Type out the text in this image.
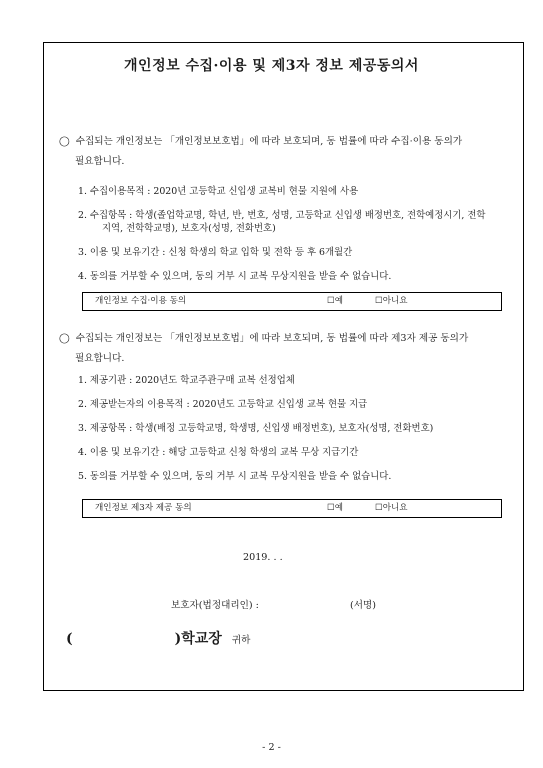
개인정보 수집·이용 및 제3자 정보 제공동의서
◯ 수집되는 개인정보는 「개인정보보호법」에 따라 보호되며, 동 법률에 따라 수집·이용 동의가
필요합니다.
1. 수집이용목적 : 2020년 고등학교 신입생 교복비 현물 지원에 사용
2. 수집항목 : 학생(졸업학교명, 학년, 반, 번호, 성명, 고등학교 신입생 배정번호, 전학예정시기, 전학
지역, 전학학교명), 보호자(성명, 전화번호)
3. 이용 및 보유기간 : 신청 학생의 학교 입학 및 전학 등 후 6개월간
4. 동의를 거부할 수 있으며, 동의 거부 시 교복 무상지원을 받을 수 없습니다.
개인정보 수집·이용 동의	☐예	☐아니요
◯ 수집되는 개인정보는 「개인정보보호법」에 따라 보호되며, 동 법률에 따라 제3자 제공 동의가
필요합니다.
1. 제공기관 : 2020년도 학교주관구매 교복 선정업체
2. 제공받는자의 이용목적 : 2020년도 고등학교 신입생 교복 현물 지급
3. 제공항목 : 학생(배정 고등학교명, 학생명, 신입생 배정번호), 보호자(성명, 전화번호)
4. 이용 및 보유기간 : 해당 고등학교 신청 학생의 교복 무상 지급기간
5. 동의를 거부할 수 있으며, 동의 거부 시 교복 무상지원을 받을 수 없습니다.
개인정보 제3자 제공 동의	☐예	☐아니요
2019. . .
보호자(법정대리인) :	(서명)
(	)학교장 귀하
- 2 -
